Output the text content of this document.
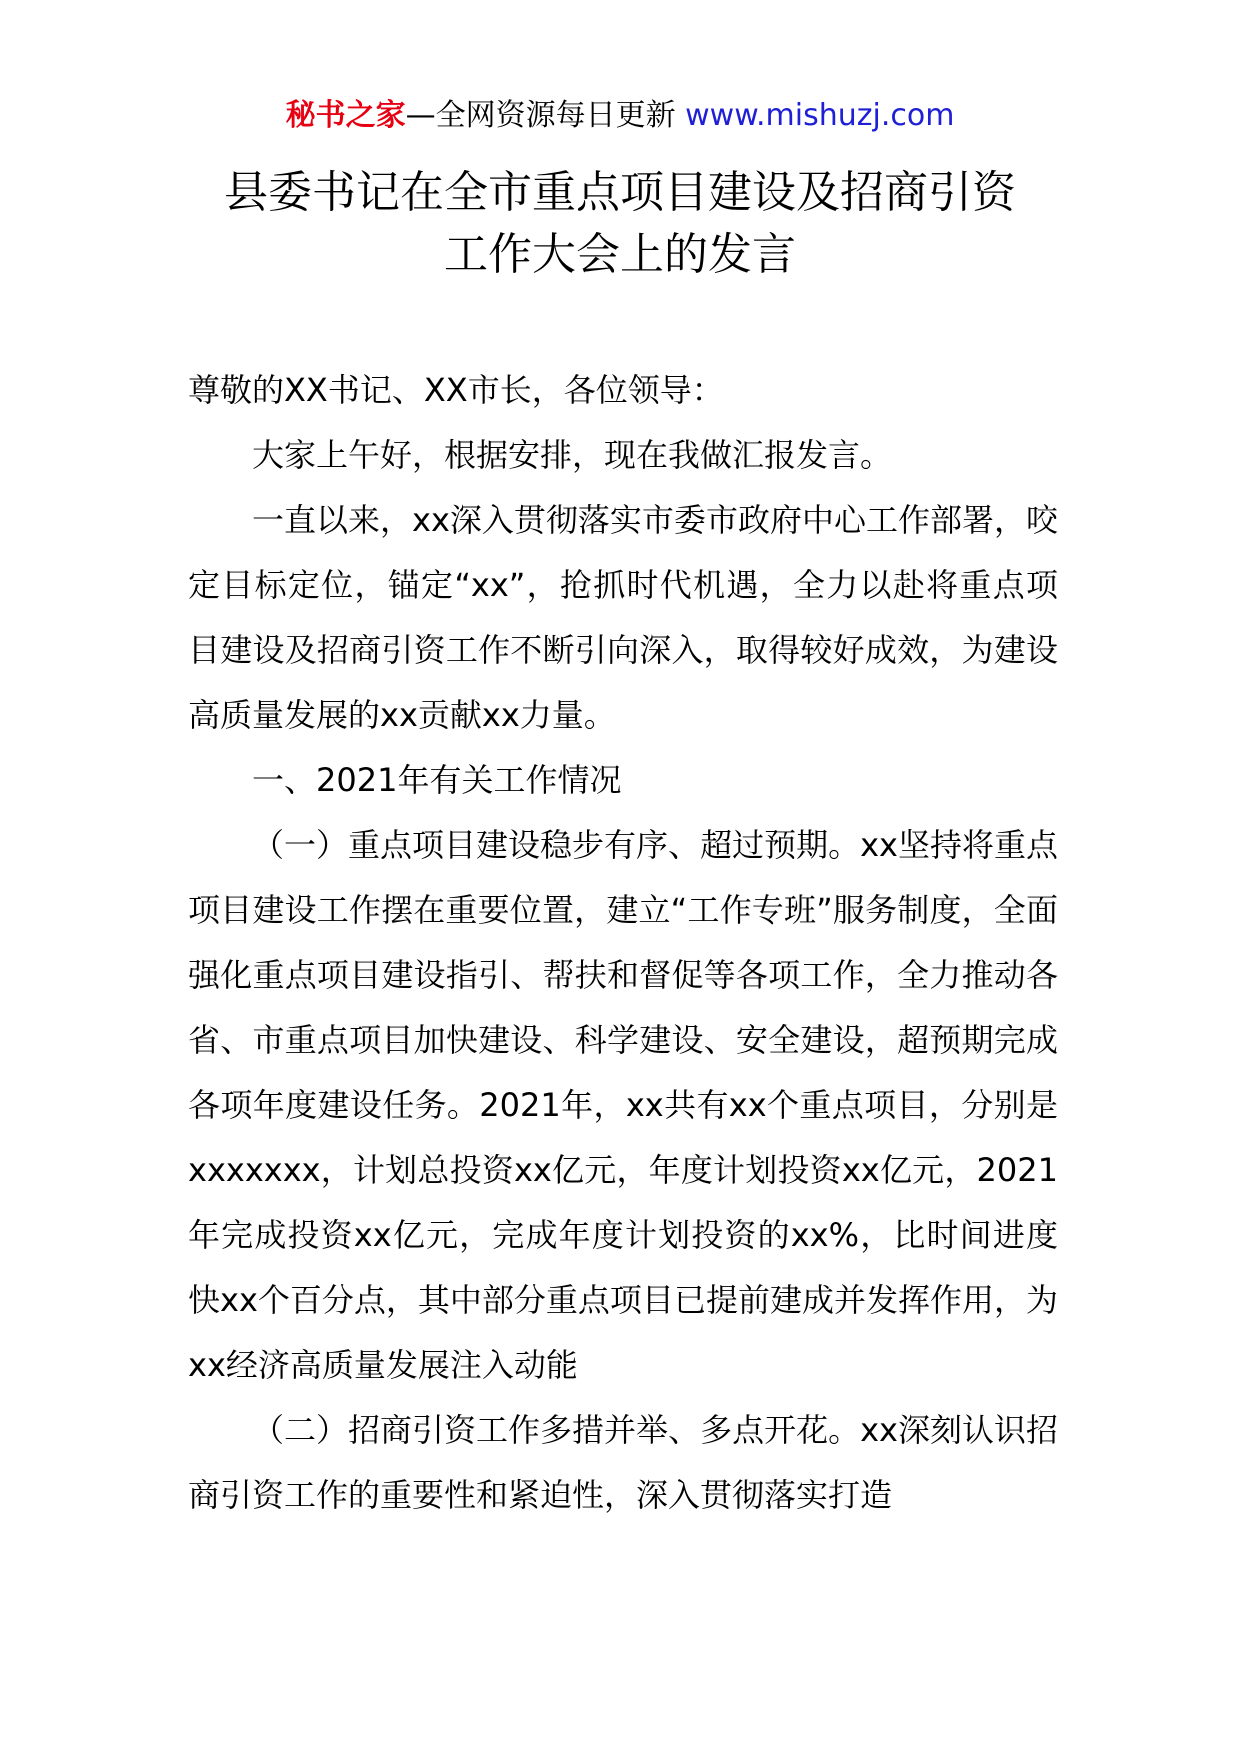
秘书之家—全网资源每日更新 www.mishuzj.com
县委书记在全市重点项目建设及招商引资
工作大会上的发言

尊敬的XX书记、XX市长，各位领导：

大家上午好，根据安排，现在我做汇报发言。

一直以来，xx深入贯彻落实市委市政府中心工作部署，咬定目标定位，锚定“xx”，抢抓时代机遇，全力以赴将重点项目建设及招商引资工作不断引向深入，取得较好成效，为建设高质量发展的xx贡献xx力量。

一、2021年有关工作情况

（一）重点项目建设稳步有序、超过预期。xx坚持将重点项目建设工作摆在重要位置，建立“工作专班”服务制度，全面强化重点项目建设指引、帮扶和督促等各项工作，全力推动各省、市重点项目加快建设、科学建设、安全建设，超预期完成各项年度建设任务。2021年，xx共有xx个重点项目，分别是xxxxxxx，计划总投资xx亿元，年度计划投资xx亿元，2021年完成投资xx亿元，完成年度计划投资的xx%，比时间进度快xx个百分点，其中部分重点项目已提前建成并发挥作用，为xx经济高质量发展注入动能

（二）招商引资工作多措并举、多点开花。xx深刻认识招商引资工作的重要性和紧迫性，深入贯彻落实打造
